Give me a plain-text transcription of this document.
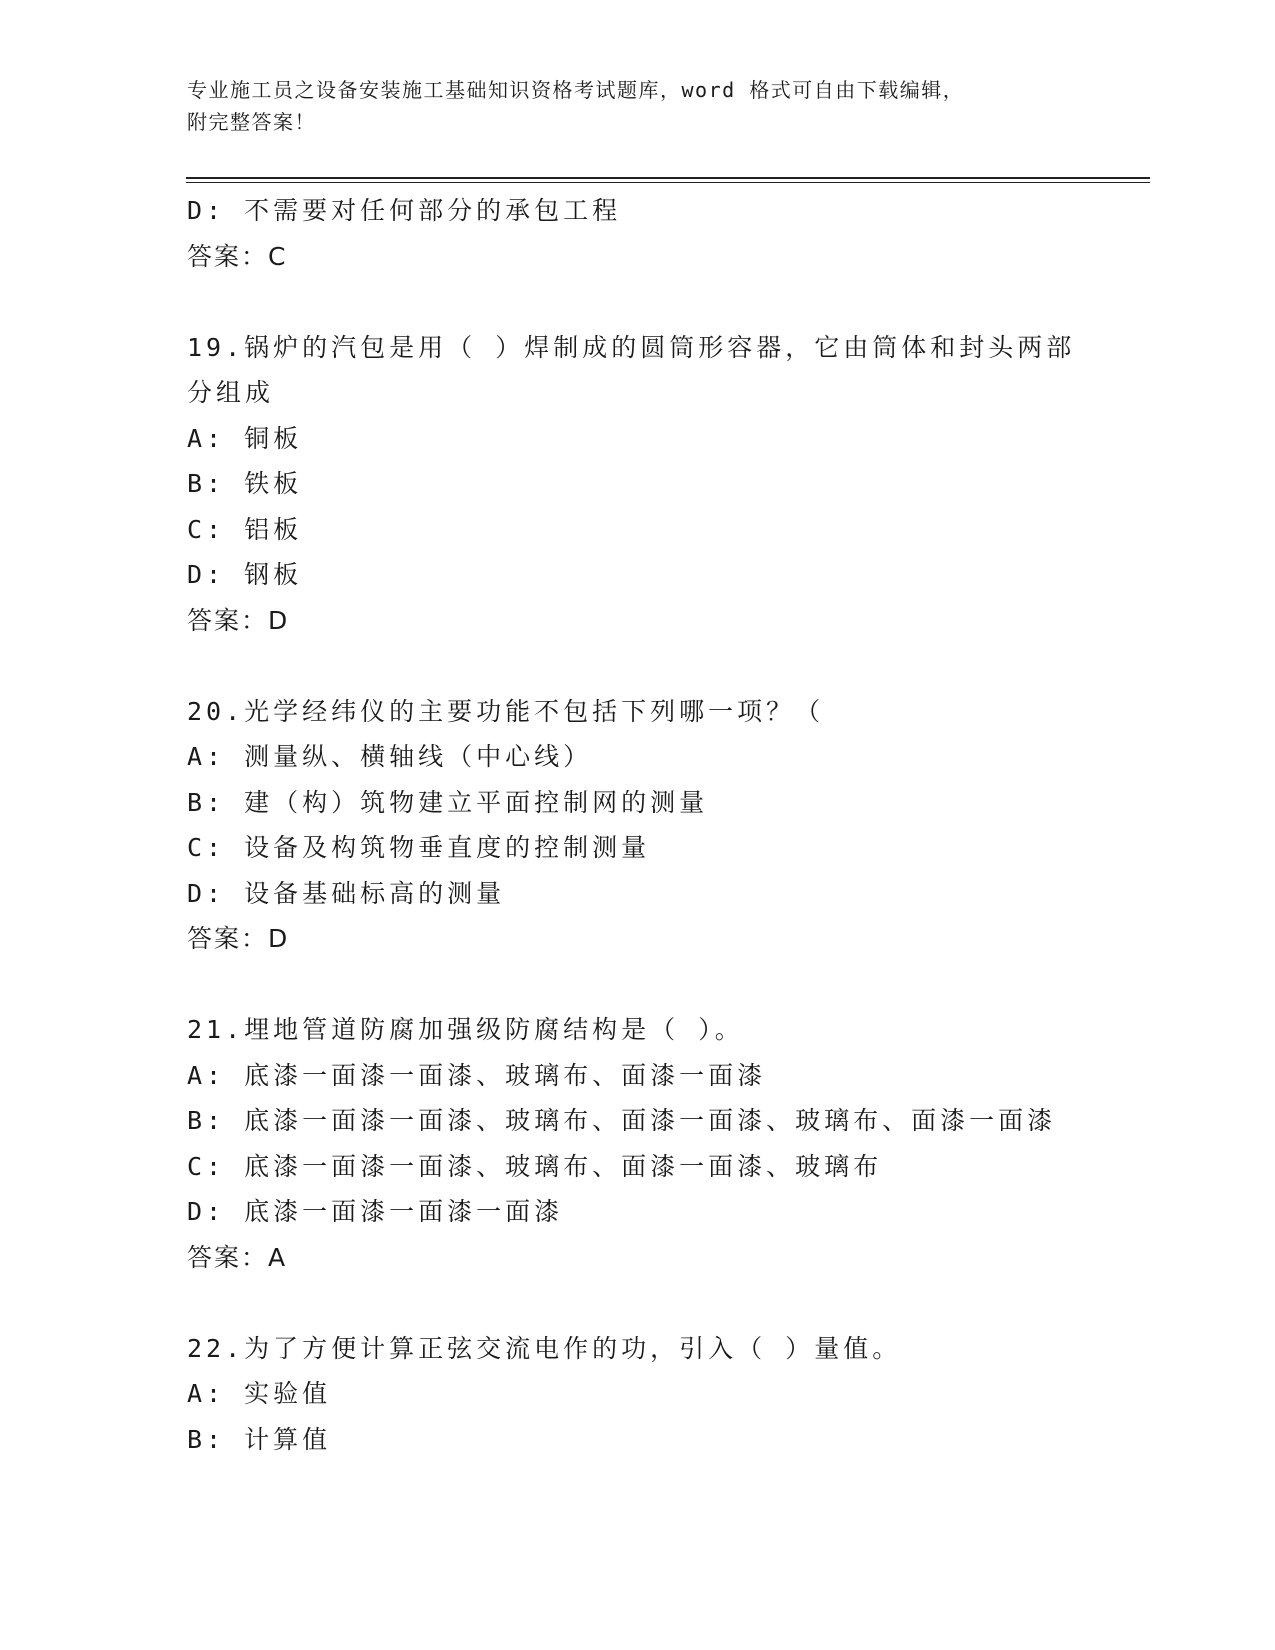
专业施工员之设备安装施工基础知识资格考试题库，word 格式可自由下载编辑，
附完整答案！
D: 不需要对任何部分的承包工程
答案：C
19.锅炉的汽包是用（ ）焊制成的圆筒形容器，它由筒体和封头两部
分组成
A: 铜板
B: 铁板
C: 铝板
D: 钢板
答案：D
20.光学经纬仪的主要功能不包括下列哪一项？（
A: 测量纵、横轴线（中心线）
B: 建（构）筑物建立平面控制网的测量
C: 设备及构筑物垂直度的控制测量
D: 设备基础标高的测量
答案：D
21.埋地管道防腐加强级防腐结构是（ ）。
A: 底漆一面漆一面漆、玻璃布、面漆一面漆
B: 底漆一面漆一面漆、玻璃布、面漆一面漆、玻璃布、面漆一面漆
C: 底漆一面漆一面漆、玻璃布、面漆一面漆、玻璃布
D: 底漆一面漆一面漆一面漆
答案：A
22.为了方便计算正弦交流电作的功，引入（ ）量值。
A: 实验值
B: 计算值
